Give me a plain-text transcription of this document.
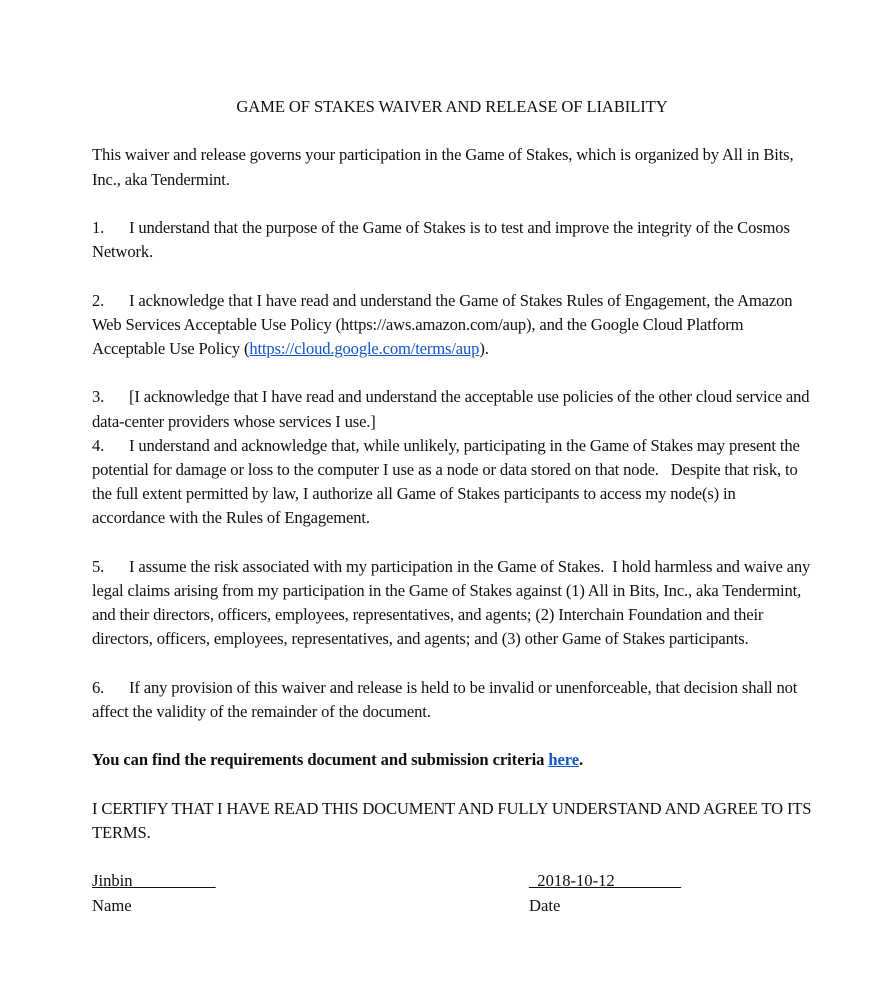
GAME OF STAKES WAIVER AND RELEASE OF LIABILITY

This waiver and release governs your participation in the Game of Stakes, which is organized by All in Bits, Inc., aka Tendermint.

1. I understand that the purpose of the Game of Stakes is to test and improve the integrity of the Cosmos Network.

2. I acknowledge that I have read and understand the Game of Stakes Rules of Engagement, the Amazon Web Services Acceptable Use Policy (https://aws.amazon.com/aup), and the Google Cloud Platform Acceptable Use Policy (https://cloud.google.com/terms/aup).

3. [I acknowledge that I have read and understand the acceptable use policies of the other cloud service and data-center providers whose services I use.]

4. I understand and acknowledge that, while unlikely, participating in the Game of Stakes may present the potential for damage or loss to the computer I use as a node or data stored on that node.   Despite that risk, to the full extent permitted by law, I authorize all Game of Stakes participants to access my node(s) in accordance with the Rules of Engagement.

5. I assume the risk associated with my participation in the Game of Stakes.  I hold harmless and waive any legal claims arising from my participation in the Game of Stakes against (1) All in Bits, Inc., aka Tendermint, and their directors, officers, employees, representatives, and agents; (2) Interchain Foundation and their directors, officers, employees, representatives, and agents; and (3) other Game of Stakes participants.

6. If any provision of this waiver and release is held to be invalid or unenforceable, that decision shall not affect the validity of the remainder of the document.

You can find the requirements document and submission criteria here.

I CERTIFY THAT I HAVE READ THIS DOCUMENT AND FULLY UNDERSTAND AND AGREE TO ITS TERMS.

Jinbin__________
Name
_2018-10-12________
Date
